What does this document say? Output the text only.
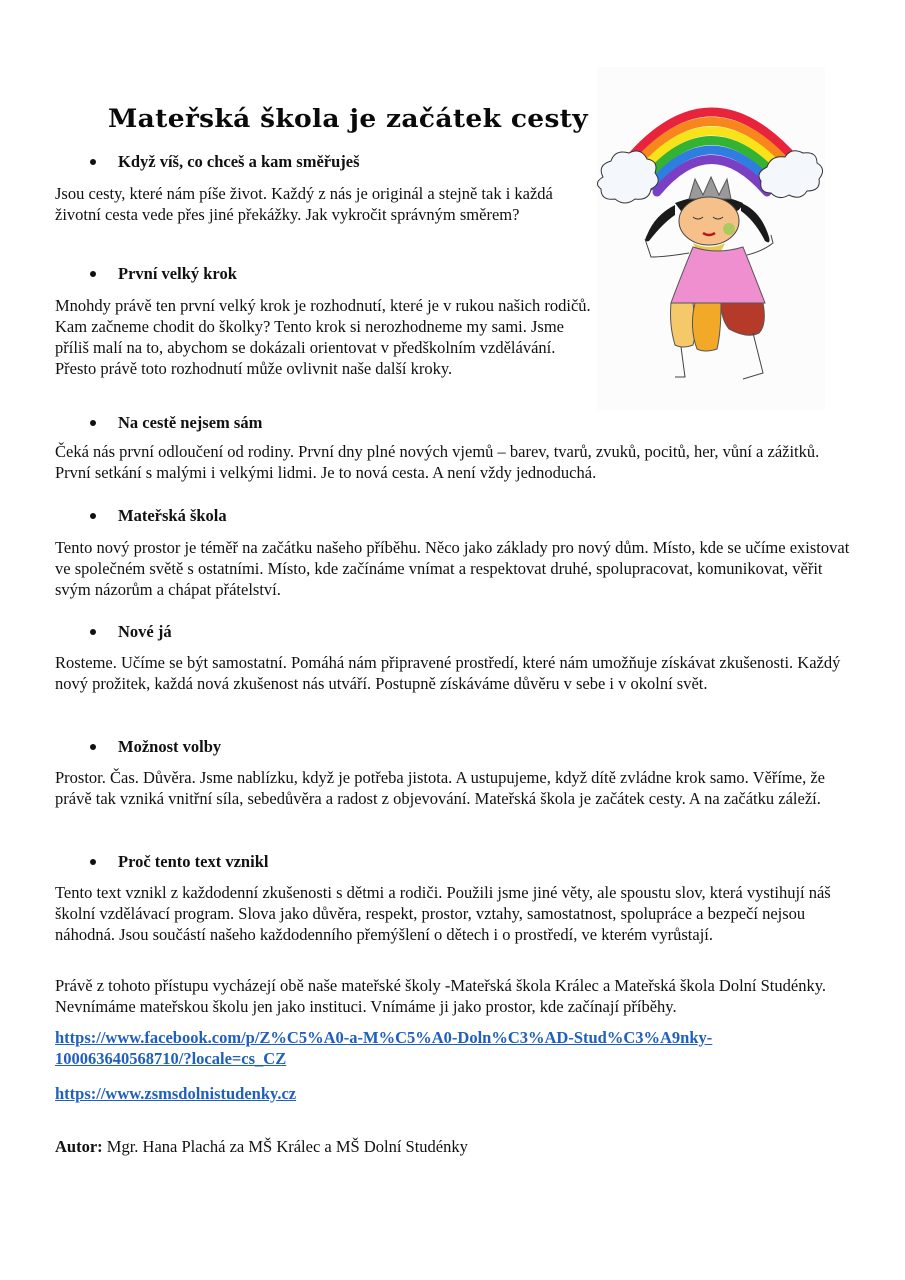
Mateřská škola je začátek cesty
Když víš, co chceš a kam směřuješ

Jsou cesty, které nám píše život. Každý z nás je originál a stejně tak i každá životní cesta vede přes jiné překážky. Jak vykročit správným směrem?

První velký krok

Mnohdy právě ten první velký krok je rozhodnutí, které je v rukou našich rodičů. Kam začneme chodit do školky? Tento krok si nerozhodneme my sami. Jsme příliš malí na to, abychom se dokázali orientovat v předškolním vzdělávání. Přesto právě toto rozhodnutí může ovlivnit naše další kroky.

Na cestě nejsem sám

Čeká nás první odloučení od rodiny. První dny plné nových vjemů – barev, tvarů, zvuků, pocitů, her, vůní a zážitků. První setkání s malými i velkými lidmi. Je to nová cesta. A není vždy jednoduchá.

Mateřská škola

Tento nový prostor je téměř na začátku našeho příběhu. Něco jako základy pro nový dům. Místo, kde se učíme existovat ve společném světě s ostatními. Místo, kde začínáme vnímat a respektovat druhé, spolupracovat, komunikovat, věřit svým názorům a chápat přátelství.

Nové já

Rosteme. Učíme se být samostatní. Pomáhá nám připravené prostředí, které nám umožňuje získávat zkušenosti. Každý nový prožitek, každá nová zkušenost nás utváří. Postupně získáváme důvěru v sebe i v okolní svět.

Možnost volby

Prostor. Čas. Důvěra. Jsme nablízku, když je potřeba jistota. A ustupujeme, když dítě zvládne krok samo. Věříme, že právě tak vzniká vnitřní síla, sebedůvěra a radost z objevování. Mateřská škola je začátek cesty. A na začátku záleží.

Proč tento text vznikl

Tento text vznikl z každodenní zkušenosti s dětmi a rodiči. Použili jsme jiné věty, ale spoustu slov, která vystihují náš školní vzdělávací program. Slova jako důvěra, respekt, prostor, vztahy, samostatnost, spolupráce a bezpečí nejsou náhodná. Jsou součástí našeho každodenního přemýšlení o dětech i o prostředí, ve kterém vyrůstají.

Právě z tohoto přístupu vycházejí obě naše mateřské školy -Mateřská škola Králec a Mateřská škola Dolní Studénky. Nevnímáme mateřskou školu jen jako instituci. Vnímáme ji jako prostor, kde začínají příběhy.

https://www.facebook.com/p/Z%C5%A0-a-M%C5%A0-Doln%C3%AD-Stud%C3%A9nky-100063640568710/?locale=cs_CZ
https://www.zsmsdolnistudenky.cz

Autor: Mgr. Hana Plachá za MŠ Králec a MŠ Dolní Studénky
